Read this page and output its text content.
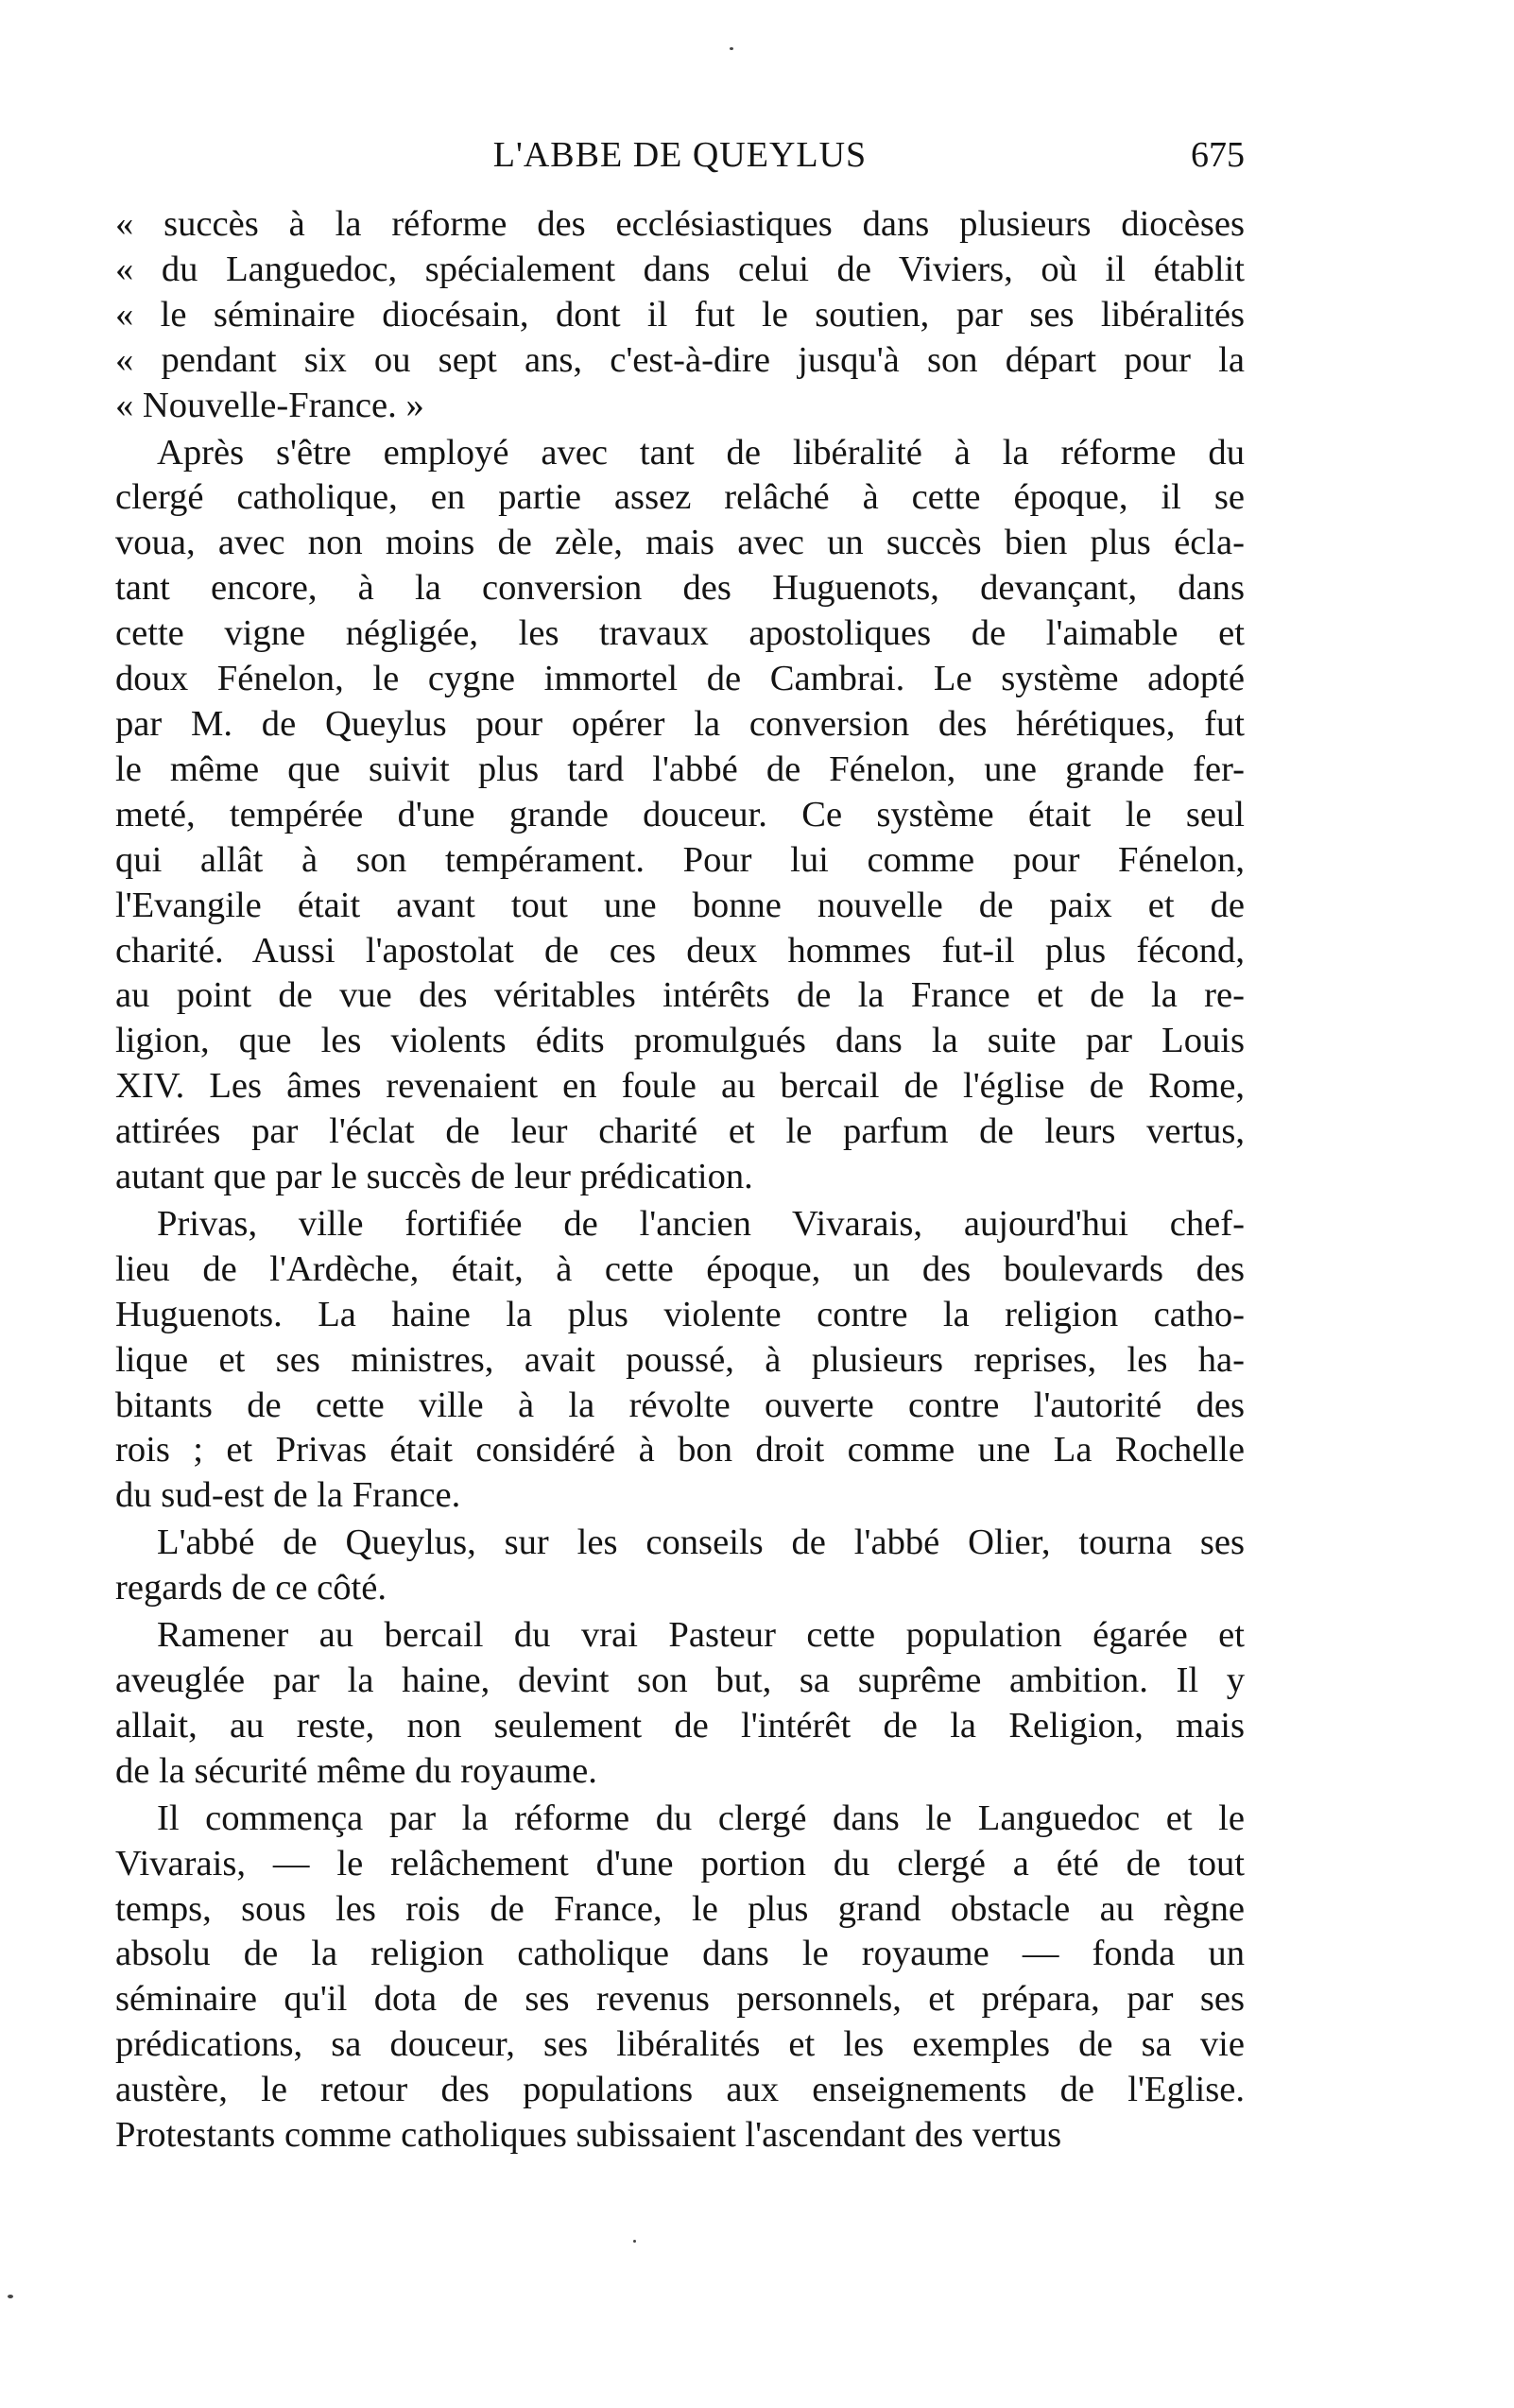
L'ABBE DE QUEYLUS	675

« succès à la réforme des ecclésiastiques dans plusieurs diocèses
« du Languedoc, spécialement dans celui de Viviers, où il établit
« le séminaire diocésain, dont il fut le soutien, par ses libéralités
« pendant six ou sept ans, c'est-à-dire jusqu'à son départ pour la
« Nouvelle-France. »

Après s'être employé avec tant de libéralité à la réforme du
clergé catholique, en partie assez relâché à cette époque, il se
voua, avec non moins de zèle, mais avec un succès bien plus écla-
tant encore, à la conversion des Huguenots, devançant, dans
cette vigne négligée, les travaux apostoliques de l'aimable et
doux Fénelon, le cygne immortel de Cambrai. Le système adopté
par M. de Queylus pour opérer la conversion des hérétiques, fut
le même que suivit plus tard l'abbé de Fénelon, une grande fer-
meté, tempérée d'une grande douceur. Ce système était le seul
qui allât à son tempérament. Pour lui comme pour Fénelon,
l'Evangile était avant tout une bonne nouvelle de paix et de
charité. Aussi l'apostolat de ces deux hommes fut-il plus fécond,
au point de vue des véritables intérêts de la France et de la re-
ligion, que les violents édits promulgués dans la suite par Louis
XIV. Les âmes revenaient en foule au bercail de l'église de Rome,
attirées par l'éclat de leur charité et le parfum de leurs vertus,
autant que par le succès de leur prédication.

Privas, ville fortifiée de l'ancien Vivarais, aujourd'hui chef-
lieu de l'Ardèche, était, à cette époque, un des boulevards des
Huguenots. La haine la plus violente contre la religion catho-
lique et ses ministres, avait poussé, à plusieurs reprises, les ha-
bitants de cette ville à la révolte ouverte contre l'autorité des
rois ; et Privas était considéré à bon droit comme une La Rochelle
du sud-est de la France.

L'abbé de Queylus, sur les conseils de l'abbé Olier, tourna ses
regards de ce côté.

Ramener au bercail du vrai Pasteur cette population égarée et
aveuglée par la haine, devint son but, sa suprême ambition. Il y
allait, au reste, non seulement de l'intérêt de la Religion, mais
de la sécurité même du royaume.

Il commença par la réforme du clergé dans le Languedoc et le
Vivarais, — le relâchement d'une portion du clergé a été de tout
temps, sous les rois de France, le plus grand obstacle au règne
absolu de la religion catholique dans le royaume — fonda un
séminaire qu'il dota de ses revenus personnels, et prépara, par ses
prédications, sa douceur, ses libéralités et les exemples de sa vie
austère, le retour des populations aux enseignements de l'Eglise.
Protestants comme catholiques subissaient l'ascendant des vertus
